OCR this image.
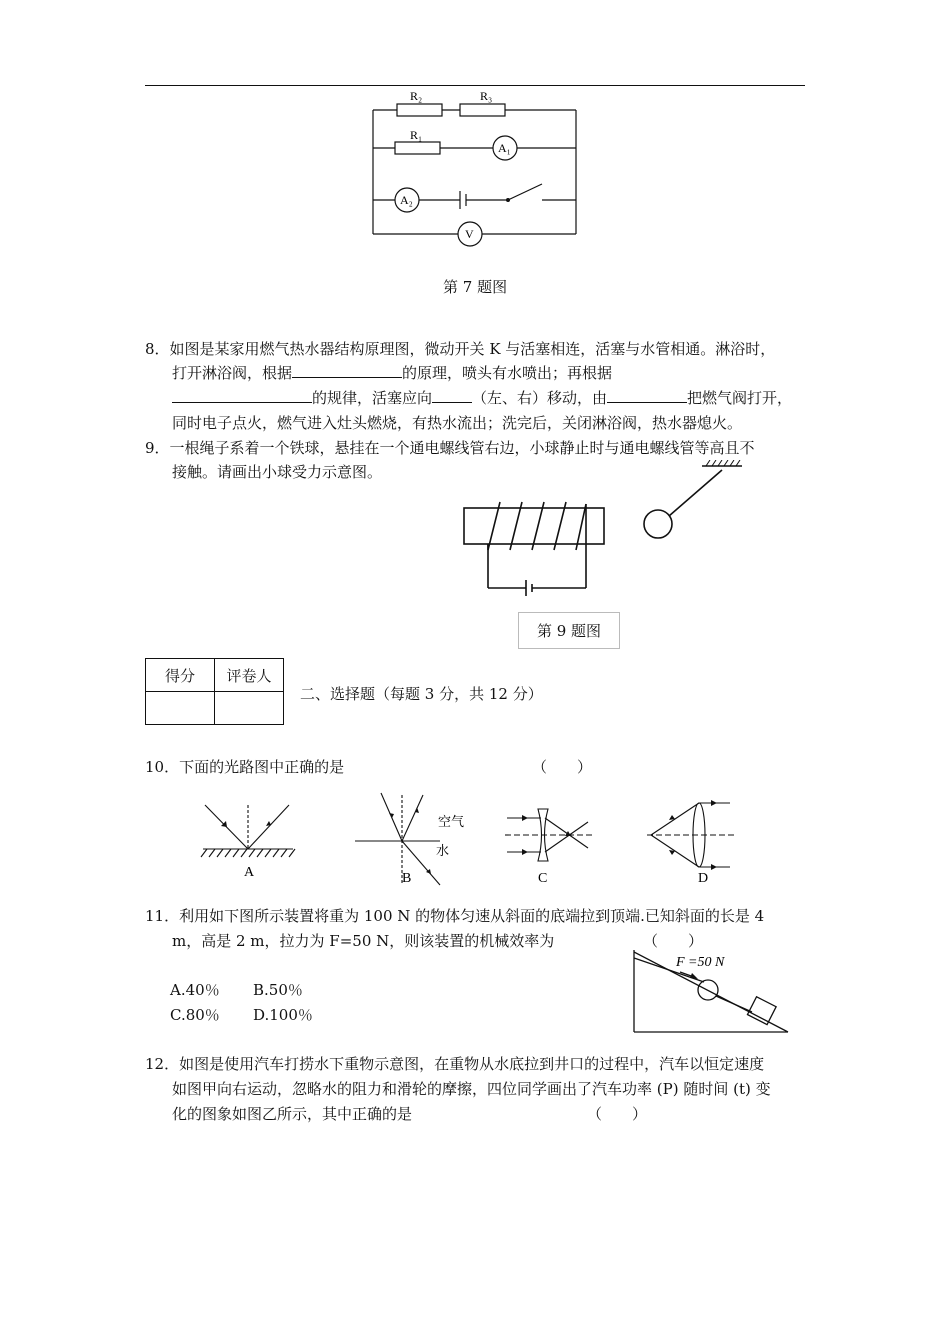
R₂	R₃
R₁
A₁
A₂
V
第 7 题图
8．如图是某家用燃气热水器结构原理图，微动开关 K 与活塞相连，活塞与水管相通。淋浴时，
打开淋浴阀，根据	的原理，喷头有水喷出；再根据
的规律，活塞应向	（左、右）移动，由	把燃气阀打开，
同时电子点火，燃气进入灶头燃烧，有热水流出；洗完后，关闭淋浴阀，热水器熄火。
9．一根绳子系着一个铁球，悬挂在一个通电螺线管右边，小球静止时与通电螺线管等高且不
接触。请画出小球受力示意图。
第 9 题图
得分	评卷人

二、选择题（每题 3 分，共 12 分）
10．下面的光路图中正确的是	（　　）
空气
水
A	B	C	D
11．利用如下图所示装置将重为 100 N 的物体匀速从斜面的底端拉到顶端.已知斜面的长是 4
m，高是 2 m，拉力为 F=50 N，则该装置的机械效率为	（　　）
A.40％ B.50％
C.80％ D.100％
F =50 N
12．如图是使用汽车打捞水下重物示意图，在重物从水底拉到井口的过程中，汽车以恒定速度
如图甲向右运动，忽略水的阻力和滑轮的摩擦，四位同学画出了汽车功率 (P) 随时间 (t) 变
化的图象如图乙所示，其中正确的是	（　　）
